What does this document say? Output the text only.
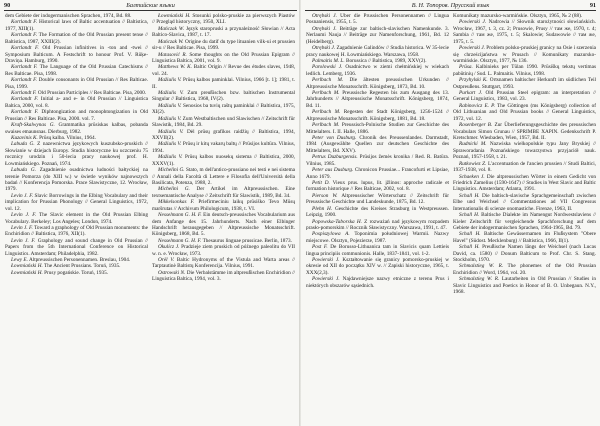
90	Балтийские языки

dem Gebiete der indogermanischen Sprachen, 1974, Bd. 88.

Kortlandt F. Historical laws of Baltic accentuation // Baltistica, 1977, XIII(1).

Kortlandt F. The Formation of the Old Prussian present tense // Baltistica, 1987, XXIII(2).

Kortlandt F. Old Prussian infinitives in -ton and -twei // Symposium Balticum. A Festschrift to honour Prof. V. Rūķe-Draviņa. Hamburg, 1990.

Kortlandt F. The Language of the Old Prussian Catechisms // Res Balticae. Pisa, 1998.

Kortlandt F. Double consonants in Old Prussian // Res Balticae. Pisa, 1999.

Kortlandt F. Old Prussian Participles // Res Balticae. Pisa, 2000.

Kortlandt F. Initial a- and e- in Old Prussian // Linguistica Baltica, 2000, vol. 8.

Kortlandt F. Diphtongization and monophtongization in Old Prussian // Res Balticae. Pisa, 2000. vol. 7.

Kraft-Skalwynas G. Grammatika prūsiskas kalbas, pobanda swaises emaunsnas. Dierburg, 1982.

Kuzavinis K. Prūsų kalba. Vilnius, 1964.

Labuda G. Z nazewnictwa językowych kuszubsko-pruskich // Słowianie w dziejach Europy. Studia historyczne ku uczczeniu 75 rocznicy urodzin i 50-lecia pracy naukowej prof. H. Łowmiańskiego. Poznań, 1974.

Labuda G. Zagadnienie osadnictwa ludności bałtyckiej na terenie Pomorza (do XIII w.) w świetle wyników najnowszych badań // Konferencja Pomorska. Prace Slawistyczne, 12. Wrocław, 1979.

Levin J. F. Slavic Borrowings in the Elbing Vocabulary and their implication for Prussian Phonology // General Linguistics, 1972, vol. 12.

Levin J. F. The Slavic element in the Old Prussian Elbing Vocabulary. Berkeley; Los Angeles; London, 1974.

Levin J. F. Toward a graphology of Old Prussian monuments: the Enchiridion // Baltistica, 1976, XII(1).

Levin J. F. Graphology and sound change in Old Prussian // Papers from the 5th International Conference on Historical Linguistics. Amsterdam; Philadelphia, 1982.

Lewy E. Altpreussischen Personennamen. Breslau, 1904.

Łowmiański H. The Ancient Prussians. Toruń, 1935.

Łowmiański H. Prusy pogańskie. Toruń, 1935.

Łowmiański H. Stosunki polsko-pruskie za pierwszych Piastów // Przegląd historyczny, 1950, XLI.

Mańczak W. Język staropruski a przynależność Słowian // Acta Baltico-Slavica, 1987, t. 17.

Mańczak W. Origine du datif du type lituanien vilk-ui et prussien sir-u // Res Balticae. Pisa, 1999.

Matasović R. Some thoughts on the Old Prussian Epigram // Linguistica Baltica, 2001, vol. 9.

Matthews W. K. Baltic Origin // Revue des études slaves, 1948, vol. 24.

Mažiulis V. Prūsų kalbos paminklai. Vilnius, 1966 [t. 1]; 1981, t. II.

Mažiulis V. Zum preußischen bzw. baltischen Instrumental Singular // Baltistica, 1968, IV(2).

Mažiulis V. Senosios ba tuvių raštų paminklai // Baltistica, 1975, XI(2).

Mažiulis V. Zum Westbaltischen und Slawischen // Zeitschrift für Slawistik, 1984, Bd. 29.

Mažiulis V. Dėl prūsų grafikos raidžių // Baltistica, 1994, XXVII(2).

Mažiulis V. Prūsų ir kitų vakarų baltų // Prūsijos kultūra. Vilnius, 1994.

Mažiulis V. Prūsų kalbos nuosekų sistema // Baltistica, 2000, XXXV(1).

Michelini G. Stato, m dell'antico-prussiano nei testi e nei sistema // Annali della Facoltà di Lettere e Filosofia dell'Università della Basilicata, Potenza, 1988, 2.

Michelini G. Der Artikel im Altpreussischen. Eine textsemantische Analyse // Zeitschrift für Slawistik, 1989, Bd. 34.

Mikkelsonkas F. Priefirmeciniu laikų prūsiško Tevo Mūsų maršrutas // Archivum Philologicum, 1938, t. VI.

Nesselmann G. H. F. Ein deutsch-preussisches Vocabularium aus dem Anfange des 15. Jahrhunderts. Nach einer Elbinger Handschrift herausgegeben // Altpreussische Monatsschrift. Königsberg, 1868, Bd. 5.

Nesselmann G. H. F. Thesaurus linguae prussicae. Berlin, 1873.

Okulicz J. Pradzieje ziem pruskich od późnego paleolitu do VII w. n. e. Wrocław, 1973.

Orël V. Baltic Hydronyms of the Vistula and Warta areas // Tarptautinė Baltistų Konferencija. Vilnius, 1991.

Ostrowski N. Die Verbalstämme im altpreußischen Enchiridion // Linguistica Baltica, 1994, vol. 3.

В. Н. Топоров. Прусский язык	91

Otrębski J. Über die Prussischen Personennamen // Lingua Posnaniensis, 1955, t. 5.

Otrębski J. Beiträge zur baltisch-slavischen Namenkunde. 3. Nerlaumi Nauja // Beiträge zur Namenforschung, 1961, Bd. 12 (Heidelberg).

Otrębski J. Zagadnienie Galindów // Studia historica. W 35-lecie pracy naukowej H. Łowmiańskiego. Warszawa, 1958.

Palmaitis M. L. Borussica // Baltistica, 1989, XXV(2).

Parolowski J. Osadnictwo w ziemi chełmińskiej w wiekach ledlich. Lemberg, 1936.

Perlbach M. Die ältesten preussischen Urkunden // Altpreussische Monatsschrift. Königsberg, 1873, Bd. 10.

Perlbach M. Preussische Regesten bis zum Ausgang des 13. Jahrhunderts // Altpreussische Monatsschrift. Königsberg, 1874, Bd. 11.

Perlbach M. Regesten der Stadt Königsberg, 1256-1524 // Altpreussische Monatsschrift. Königsberg, 1881, Bd. 18.

Perlbach M. Preussisch-Polnische Studien zur Geschichte des Mittelalters. I. II. Halle, 1886.

Peter von Dusburg. Chronik des Preussenlandes. Darmstadt, 1984 (Ausgewählte Quellen zur deutschen Geschichte des Mittelalters, Bd. XXV).

Petrus Duzburgensis. Prūsijos žemės kronika / Red. R. Batūra. Vilnius, 1985.

Peter aus Dusburg. Chronicon Prussiae... Francofurti et Lipsiae, Anno 1679.

Petit D. Vieux prus. lupus, lit. įžlinos: approche radicale et formation historique // Res Balticae, 2002, vol. 8.

Pierson W. Altpreussischer Wörterschatz // Zeitschrift für Preussische Geschichte und Landeskunde, 1875, Bd. 12.

Plehn H. Geschichte des Kreises Strasburg in Westpreussen. Leipzig, 1900.

Popowska-Taborska H. Z rozważań nad językowym rozpadem prasło-pomorskim // Rocznik Sławistyczny. Warszawa, 1991, t. 47.

Pospiszylowa A. Toponimia południowej Warmii. Nazwy miejscowe. Olsztyn, Pojezierze, 1987.

Post F. De Borusso-Lithuanica tam in Slavicis quam Lettieis lingua principiis communionis. Halle, 1837-1841, vol. 1-2.

Powierski J. Kształtowanie się granicy pomorsko-pruskiej w okresie od XII do początku XIV w. // Zapiski historyczne, 1965, t. XXX(2,3).

Powierski J. Najdawniejsze nazwy etniczne z terenu Prus i niektórych obszarów sąsiednich.

Komunikaty mazursko-warmińskie. Olsztyn, 1965, № 2 (88).

Powierski J. Nadrowia // Słownik starożytności słowiańskich. Wrocław, 1967, t. 3, cz. 2; Prusowie, Prusy // там же, 1970, t. 4; Sambia // там же, 1975, t. 5; Skalowie; Sudawowie // там же, 1975, t. 5.

Powierski J. Problem polsko-pruskiej granicy na Osie i szerzenia się chrześcijaństwa w Prusach // Komunikaty mazursko-warmińskie. Olsztyn, 1977, № 136.

Prūsa. Kalbinieks per Tūlan 1990. Prūsiškų tekstų vertimas pabūtinių / Sud. L. Palmaitis. Vilnius, 1998.

Przyhylski K. Ortsnamen baltischer Herkunft im südlichen Teil Ostpreußens. Stuttgart, 1993.

Purkart J. Old Prussian Steel epigram: an interpretation // General Linguistics, 1983, vol. 23.

Rabinovicz E. P. The Göttingen (ms Königsberg) collection of Old Lithuanian and Old Prussian books // General Linguistics, 1972, vol. 12.

Rosenberger B. Zur Überlieferungsgeschichte des preussischen Vocabulars Simon Grunau // SPRIMBE XAPIN. Gedenkschrift P. Kretschmer. Wiesbaden, Wien, 1957, Bd. II.

Rudnicki M. Nazwiska wielkopolskie typu Jany Bryskiej // Spraworadania Poznańskiego towarzystwa przyjaciół nauk. Poznań, 1957-1958, t. 21.

Rutkowiez Z. L'accentuation de l'ancien prussien // Studi Baltici, 1937-1938, vol. 8.

Schaeken J. Die altpreussischen Wörter in einem Gedicht von Friedrich Zamelius (1590-1647) // Studies in West Slavic and Baltic Linguistics. Amsterdam; Atlanta, 1991.

Schall H. Die baltisch-slavische Sprachgemeinschaft zwischen Elbe und Weichsel // Commentationes ad VII Congressus Internationalis di scienze onomastiche. Firenze, 1963, II.

Schall H. Baltische Dialekte im Namengut Nordwestslaviens // Kieler Zeitschrift für vergleichende Sprachforschung auf dem Gebiete der indogermanischen Sprachen, 1964-1965, Bd. 79.

Schall H. Baltische Gewässernamen im Flußsystem "Obere Havel" (Südost. Mecklenburg) // Baltistica, 1966, II(1).

Schall H. Preußische Namen längs der Weichsel (nach Lucas David, ca. 1580) // Donum Balticum to Prof. Chr. S. Stang. Stockholm, 1970.

Schmalstieg W. R. The phonemes of the Old Prussian Enchiridion // Word, 1964, vol. 20.

Schmalstieg W. R. Lautarbeiten in Old Prussian // Studies in Slavic Linguistics and Poetics in Honor of B. O. Unbegaun. N.Y., 1968.
